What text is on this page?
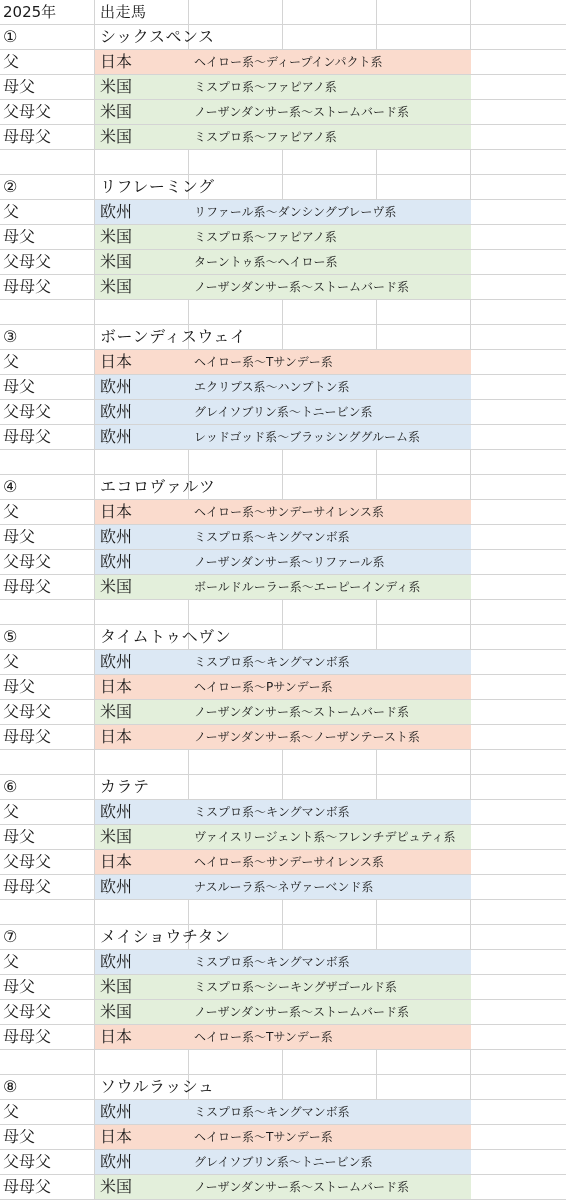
2025年	出走馬
①	シックスペンス
父	日本	ヘイロー系〜ディープインパクト系
母父	米国	ミスプロ系〜ファピアノ系
父母父	米国	ノーザンダンサー系〜ストームバード系
母母父	米国	ミスプロ系〜ファピアノ系
②	リフレーミング
父	欧州	リファール系〜ダンシングブレーヴ系
母父	米国	ミスプロ系〜ファピアノ系
父母父	米国	ターントゥ系〜ヘイロー系
母母父	米国	ノーザンダンサー系〜ストームバード系
③	ボーンディスウェイ
父	日本	ヘイロー系〜Tサンデー系
母父	欧州	エクリプス系〜ハンプトン系
父母父	欧州	グレイソブリン系〜トニービン系
母母父	欧州	レッドゴッド系〜ブラッシンググルーム系
④	エコロヴァルツ
父	日本	ヘイロー系〜サンデーサイレンス系
母父	欧州	ミスプロ系〜キングマンボ系
父母父	欧州	ノーザンダンサー系〜リファール系
母母父	米国	ボールドルーラー系〜エーピーインディ系
⑤	タイムトゥヘヴン
父	欧州	ミスプロ系〜キングマンボ系
母父	日本	ヘイロー系〜Pサンデー系
父母父	米国	ノーザンダンサー系〜ストームバード系
母母父	日本	ノーザンダンサー系〜ノーザンテースト系
⑥	カラテ
父	欧州	ミスプロ系〜キングマンボ系
母父	米国	ヴァイスリージェント系〜フレンチデピュティ系
父母父	日本	ヘイロー系〜サンデーサイレンス系
母母父	欧州	ナスルーラ系〜ネヴァーベンド系
⑦	メイショウチタン
父	欧州	ミスプロ系〜キングマンボ系
母父	米国	ミスプロ系〜シーキングザゴールド系
父母父	米国	ノーザンダンサー系〜ストームバード系
母母父	日本	ヘイロー系〜Tサンデー系
⑧	ソウルラッシュ
父	欧州	ミスプロ系〜キングマンボ系
母父	日本	ヘイロー系〜Tサンデー系
父母父	欧州	グレイソブリン系〜トニービン系
母母父	米国	ノーザンダンサー系〜ストームバード系
